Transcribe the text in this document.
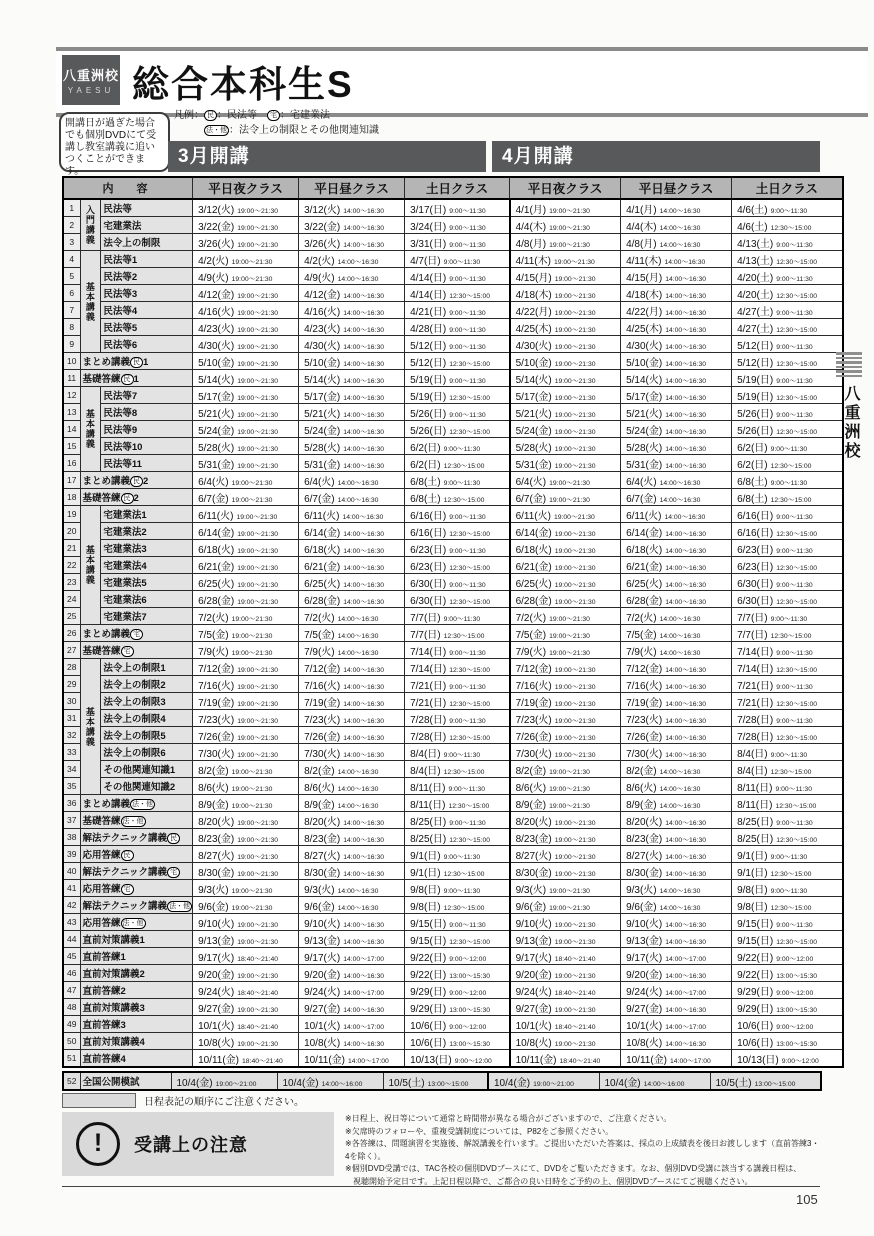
八重洲校
YAESU 総合本科生S
開講日が過ぎた場合でも個別DVDにて受講し教室講義に追いつくことができます。
凡例： 民 ：民法等　宅 ：宅建業法
法・他 ：法令上の制限とその他関連知識
3月開講	4月開講
内　容			平日夜クラス	平日昼クラス	土日クラス	平日夜クラス	平日昼クラス	土日クラス
1	入門講義	民法等	3/12(火) 19:00～21:30	3/12(火) 14:00～16:30	3/17(日) 9:00～11:30	4/1(月) 19:00～21:30	4/1(月) 14:00～16:30	4/6(土) 9:00～11:30
2		宅建業法	3/22(金) 19:00～21:30	3/22(金) 14:00～16:30	3/24(日) 9:00～11:30	4/4(木) 19:00～21:30	4/4(木) 14:00～16:30	4/6(土) 12:30～15:00
3		法令上の制限	3/26(火) 19:00～21:30	3/26(火) 14:00～16:30	3/31(日) 9:00～11:30	4/8(月) 19:00～21:30	4/8(月) 14:00～16:30	4/13(土) 9:00～11:30
4	基本講義	民法等1	4/2(火) 19:00～21:30	4/2(火) 14:00～16:30	4/7(日) 9:00～11:30	4/11(木) 19:00～21:30	4/11(木) 14:00～16:30	4/13(土) 12:30～15:00
5		民法等2	4/9(火) 19:00～21:30	4/9(火) 14:00～16:30	4/14(日) 9:00～11:30	4/15(月) 19:00～21:30	4/15(月) 14:00～16:30	4/20(土) 9:00～11:30
6		民法等3	4/12(金) 19:00～21:30	4/12(金) 14:00～16:30	4/14(日) 12:30～15:00	4/18(木) 19:00～21:30	4/18(木) 14:00～16:30	4/20(土) 12:30～15:00
7		民法等4	4/16(火) 19:00～21:30	4/16(火) 14:00～16:30	4/21(日) 9:00～11:30	4/22(月) 19:00～21:30	4/22(月) 14:00～16:30	4/27(土) 9:00～11:30
8		民法等5	4/23(火) 19:00～21:30	4/23(火) 14:00～16:30	4/28(日) 9:00～11:30	4/25(木) 19:00～21:30	4/25(木) 14:00～16:30	4/27(土) 12:30～15:00
9		民法等6	4/30(火) 19:00～21:30	4/30(火) 14:00～16:30	5/12(日) 9:00～11:30	4/30(火) 19:00～21:30	4/30(火) 14:00～16:30	5/12(日) 9:00～11:30
10	まとめ講義 民 1		5/10(金) 19:00～21:30	5/10(金) 14:00～16:30	5/12(日) 12:30～15:00	5/10(金) 19:00～21:30	5/10(金) 14:00～16:30	5/12(日) 12:30～15:00
11	基礎答練 民 1		5/14(火) 19:00～21:30	5/14(火) 14:00～16:30	5/19(日) 9:00～11:30	5/14(火) 19:00～21:30	5/14(火) 14:00～16:30	5/19(日) 9:00～11:30
12	基本講義	民法等7	5/17(金) 19:00～21:30	5/17(金) 14:00～16:30	5/19(日) 12:30～15:00	5/17(金) 19:00～21:30	5/17(金) 14:00～16:30	5/19(日) 12:30～15:00
13		民法等8	5/21(火) 19:00～21:30	5/21(火) 14:00～16:30	5/26(日) 9:00～11:30	5/21(火) 19:00～21:30	5/21(火) 14:00～16:30	5/26(日) 9:00～11:30
14		民法等9	5/24(金) 19:00～21:30	5/24(金) 14:00～16:30	5/26(日) 12:30～15:00	5/24(金) 19:00～21:30	5/24(金) 14:00～16:30	5/26(日) 12:30～15:00
15		民法等10	5/28(火) 19:00～21:30	5/28(火) 14:00～16:30	6/2(日) 9:00～11:30	5/28(火) 19:00～21:30	5/28(火) 14:00～16:30	6/2(日) 9:00～11:30
16		民法等11	5/31(金) 19:00～21:30	5/31(金) 14:00～16:30	6/2(日) 12:30～15:00	5/31(金) 19:00～21:30	5/31(金) 14:00～16:30	6/2(日) 12:30～15:00
17	まとめ講義 民 2		6/4(火) 19:00～21:30	6/4(火) 14:00～16:30	6/8(土) 9:00～11:30	6/4(火) 19:00～21:30	6/4(火) 14:00～16:30	6/8(土) 9:00～11:30
18	基礎答練 民 2		6/7(金) 19:00～21:30	6/7(金) 14:00～16:30	6/8(土) 12:30～15:00	6/7(金) 19:00～21:30	6/7(金) 14:00～16:30	6/8(土) 12:30～15:00
19	基本講義	宅建業法1	6/11(火) 19:00～21:30	6/11(火) 14:00～16:30	6/16(日) 9:00～11:30	6/11(火) 19:00～21:30	6/11(火) 14:00～16:30	6/16(日) 9:00～11:30
20		宅建業法2	6/14(金) 19:00～21:30	6/14(金) 14:00～16:30	6/16(日) 12:30～15:00	6/14(金) 19:00～21:30	6/14(金) 14:00～16:30	6/16(日) 12:30～15:00
21		宅建業法3	6/18(火) 19:00～21:30	6/18(火) 14:00～16:30	6/23(日) 9:00～11:30	6/18(火) 19:00～21:30	6/18(火) 14:00～16:30	6/23(日) 9:00～11:30
22		宅建業法4	6/21(金) 19:00～21:30	6/21(金) 14:00～16:30	6/23(日) 12:30～15:00	6/21(金) 19:00～21:30	6/21(金) 14:00～16:30	6/23(日) 12:30～15:00
23		宅建業法5	6/25(火) 19:00～21:30	6/25(火) 14:00～16:30	6/30(日) 9:00～11:30	6/25(火) 19:00～21:30	6/25(火) 14:00～16:30	6/30(日) 9:00～11:30
24		宅建業法6	6/28(金) 19:00～21:30	6/28(金) 14:00～16:30	6/30(日) 12:30～15:00	6/28(金) 19:00～21:30	6/28(金) 14:00～16:30	6/30(日) 12:30～15:00
25		宅建業法7	7/2(火) 19:00～21:30	7/2(火) 14:00～16:30	7/7(日) 9:00～11:30	7/2(火) 19:00～21:30	7/2(火) 14:00～16:30	7/7(日) 9:00～11:30
26	まとめ講義 宅		7/5(金) 19:00～21:30	7/5(金) 14:00～16:30	7/7(日) 12:30～15:00	7/5(金) 19:00～21:30	7/5(金) 14:00～16:30	7/7(日) 12:30～15:00
27	基礎答練 宅		7/9(火) 19:00～21:30	7/9(火) 14:00～16:30	7/14(日) 9:00～11:30	7/9(火) 19:00～21:30	7/9(火) 14:00～16:30	7/14(日) 9:00～11:30
28	基本講義	法令上の制限1	7/12(金) 19:00～21:30	7/12(金) 14:00～16:30	7/14(日) 12:30～15:00	7/12(金) 19:00～21:30	7/12(金) 14:00～16:30	7/14(日) 12:30～15:00
29		法令上の制限2	7/16(火) 19:00～21:30	7/16(火) 14:00～16:30	7/21(日) 9:00～11:30	7/16(火) 19:00～21:30	7/16(火) 14:00～16:30	7/21(日) 9:00～11:30
30		法令上の制限3	7/19(金) 19:00～21:30	7/19(金) 14:00～16:30	7/21(日) 12:30～15:00	7/19(金) 19:00～21:30	7/19(金) 14:00～16:30	7/21(日) 12:30～15:00
31		法令上の制限4	7/23(火) 19:00～21:30	7/23(火) 14:00～16:30	7/28(日) 9:00～11:30	7/23(火) 19:00～21:30	7/23(火) 14:00～16:30	7/28(日) 9:00～11:30
32		法令上の制限5	7/26(金) 19:00～21:30	7/26(金) 14:00～16:30	7/28(日) 12:30～15:00	7/26(金) 19:00～21:30	7/26(金) 14:00～16:30	7/28(日) 12:30～15:00
33		法令上の制限6	7/30(火) 19:00～21:30	7/30(火) 14:00～16:30	8/4(日) 9:00～11:30	7/30(火) 19:00～21:30	7/30(火) 14:00～16:30	8/4(日) 9:00～11:30
34		その他関連知識1	8/2(金) 19:00～21:30	8/2(金) 14:00～16:30	8/4(日) 12:30～15:00	8/2(金) 19:00～21:30	8/2(金) 14:00～16:30	8/4(日) 12:30～15:00
35		その他関連知識2	8/6(火) 19:00～21:30	8/6(火) 14:00～16:30	8/11(日) 9:00～11:30	8/6(火) 19:00～21:30	8/6(火) 14:00～16:30	8/11(日) 9:00～11:30
36	まとめ講義 法・他		8/9(金) 19:00～21:30	8/9(金) 14:00～16:30	8/11(日) 12:30～15:00	8/9(金) 19:00～21:30	8/9(金) 14:00～16:30	8/11(日) 12:30～15:00
37	基礎答練 法・他		8/20(火) 19:00～21:30	8/20(火) 14:00～16:30	8/25(日) 9:00～11:30	8/20(火) 19:00～21:30	8/20(火) 14:00～16:30	8/25(日) 9:00～11:30
38	解法テクニック講義 民		8/23(金) 19:00～21:30	8/23(金) 14:00～16:30	8/25(日) 12:30～15:00	8/23(金) 19:00～21:30	8/23(金) 14:00～16:30	8/25(日) 12:30～15:00
39	応用答練 民		8/27(火) 19:00～21:30	8/27(火) 14:00～16:30	9/1(日) 9:00～11:30	8/27(火) 19:00～21:30	8/27(火) 14:00～16:30	9/1(日) 9:00～11:30
40	解法テクニック講義 宅		8/30(金) 19:00～21:30	8/30(金) 14:00～16:30	9/1(日) 12:30～15:00	8/30(金) 19:00～21:30	8/30(金) 14:00～16:30	9/1(日) 12:30～15:00
41	応用答練 宅		9/3(火) 19:00～21:30	9/3(火) 14:00～16:30	9/8(日) 9:00～11:30	9/3(火) 19:00～21:30	9/3(火) 14:00～16:30	9/8(日) 9:00～11:30
42	解法テクニック講義 法・他		9/6(金) 19:00～21:30	9/6(金) 14:00～16:30	9/8(日) 12:30～15:00	9/6(金) 19:00～21:30	9/6(金) 14:00～16:30	9/8(日) 12:30～15:00
43	応用答練 法・他		9/10(火) 19:00～21:30	9/10(火) 14:00～16:30	9/15(日) 9:00～11:30	9/10(火) 19:00～21:30	9/10(火) 14:00～16:30	9/15(日) 9:00～11:30
44	直前対策講義1		9/13(金) 19:00～21:30	9/13(金) 14:00～16:30	9/15(日) 12:30～15:00	9/13(金) 19:00～21:30	9/13(金) 14:00～16:30	9/15(日) 12:30～15:00
45	直前答練1		9/17(火) 18:40～21:40	9/17(火) 14:00～17:00	9/22(日) 9:00～12:00	9/17(火) 18:40～21:40	9/17(火) 14:00～17:00	9/22(日) 9:00～12:00
46	直前対策講義2		9/20(金) 19:00～21:30	9/20(金) 14:00～16:30	9/22(日) 13:00～15:30	9/20(金) 19:00～21:30	9/20(金) 14:00～16:30	9/22(日) 13:00～15:30
47	直前答練2		9/24(火) 18:40～21:40	9/24(火) 14:00～17:00	9/29(日) 9:00～12:00	9/24(火) 18:40～21:40	9/24(火) 14:00～17:00	9/29(日) 9:00～12:00
48	直前対策講義3		9/27(金) 19:00～21:30	9/27(金) 14:00～16:30	9/29(日) 13:00～15:30	9/27(金) 19:00～21:30	9/27(金) 14:00～16:30	9/29(日) 13:00～15:30
49	直前答練3		10/1(火) 18:40～21:40	10/1(火) 14:00～17:00	10/6(日) 9:00～12:00	10/1(火) 18:40～21:40	10/1(火) 14:00～17:00	10/6(日) 9:00～12:00
50	直前対策講義4		10/8(火) 19:00～21:30	10/8(火) 14:00～16:30	10/6(日) 13:00～15:30	10/8(火) 19:00～21:30	10/8(火) 14:00～16:30	10/6(日) 13:00～15:30
51	直前答練4		10/11(金) 18:40～21:40	10/11(金) 14:00～17:00	10/13(日) 9:00～12:00	10/11(金) 18:40～21:40	10/11(金) 14:00～17:00	10/13(日) 9:00～12:00
52	全国公開模試	10/4(金) 19:00～21:00	10/4(金) 14:00～16:00	10/5(土) 13:00～15:00	10/4(金) 19:00～21:00	10/4(金) 14:00～16:00	10/5(土) 13:00～15:00
日程表記の順序にご注意ください。
!	受講上の注意
※日程上、祝日等について通常と時間帯が異なる場合がございますので、ご注意ください。
※欠席時のフォローや、重複受講制度については、P82をご参照ください。
※各答練は、問題演習を実施後、解説講義を行います。ご提出いただいた答案は、採点の上成績表を後日お渡しします（直前答練3・4を除く）。
※個別DVD受講では、TAC各校の個別DVDブースにて、DVDをご覧いただきます。なお、個別DVD受講に該当する講義日程は、
視聴開始予定日です。上記日程以降で、ご都合の良い日時をご予約の上、個別DVDブースにてご視聴ください。
八重洲校
105
